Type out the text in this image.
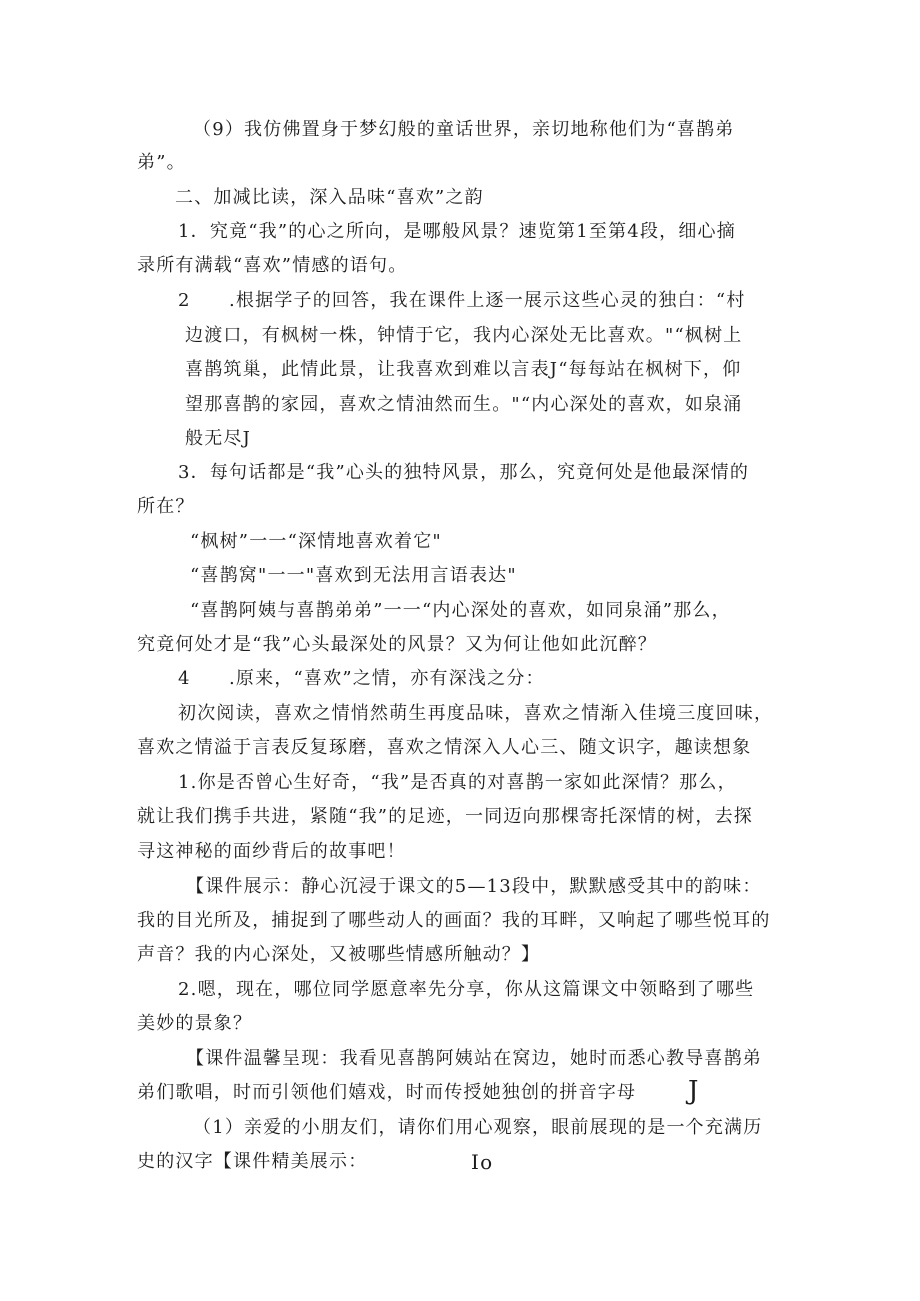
（9）我仿佛置身于梦幻般的童话世界，亲切地称他们为“喜鹊弟
弟”。
二、加减比读，深入品味“喜欢”之韵
1．究竟“我”的心之所向，是哪般风景？速览第1至第4段，细心摘
录所有满载“喜欢”情感的语句。
2 .根据学子的回答，我在课件上逐一展示这些心灵的独白：“村
边渡口，有枫树一株，钟情于它，我内心深处无比喜欢。"“枫树上
喜鹊筑巢，此情此景，让我喜欢到难以言表J“每每站在枫树下，仰
望那喜鹊的家园，喜欢之情油然而生。"“内心深处的喜欢，如泉涌
般无尽J
3．每句话都是“我”心头的独特风景，那么，究竟何处是他最深情的
所在？
“枫树”一一“深情地喜欢着它"
“喜鹊窝"一一"喜欢到无法用言语表达"
“喜鹊阿姨与喜鹊弟弟”一一“内心深处的喜欢，如同泉涌”那么，
究竟何处才是“我”心头最深处的风景？又为何让他如此沉醉？
4 .原来，“喜欢”之情，亦有深浅之分：
初次阅读，喜欢之情悄然萌生再度品味，喜欢之情渐入佳境三度回味，
喜欢之情溢于言表反复琢磨，喜欢之情深入人心三、随文识字，趣读想象
1.你是否曾心生好奇，“我”是否真的对喜鹊一家如此深情？那么，
就让我们携手共进，紧随“我”的足迹，一同迈向那棵寄托深情的树，去探
寻这神秘的面纱背后的故事吧！
【课件展示：静心沉浸于课文的5—13段中，默默感受其中的韵味：
我的目光所及，捕捉到了哪些动人的画面？我的耳畔，又响起了哪些悦耳的
声音？我的内心深处，又被哪些情感所触动？】
2.嗯，现在，哪位同学愿意率先分享，你从这篇课文中领略到了哪些
美妙的景象？
【课件温馨呈现：我看见喜鹊阿姨站在窝边，她时而悉心教导喜鹊弟
弟们歌唱，时而引领他们嬉戏，时而传授她独创的拼音字母 J
（1）亲爱的小朋友们，请你们用心观察，眼前展现的是一个充满历
史的汉字【课件精美展示：	Io
